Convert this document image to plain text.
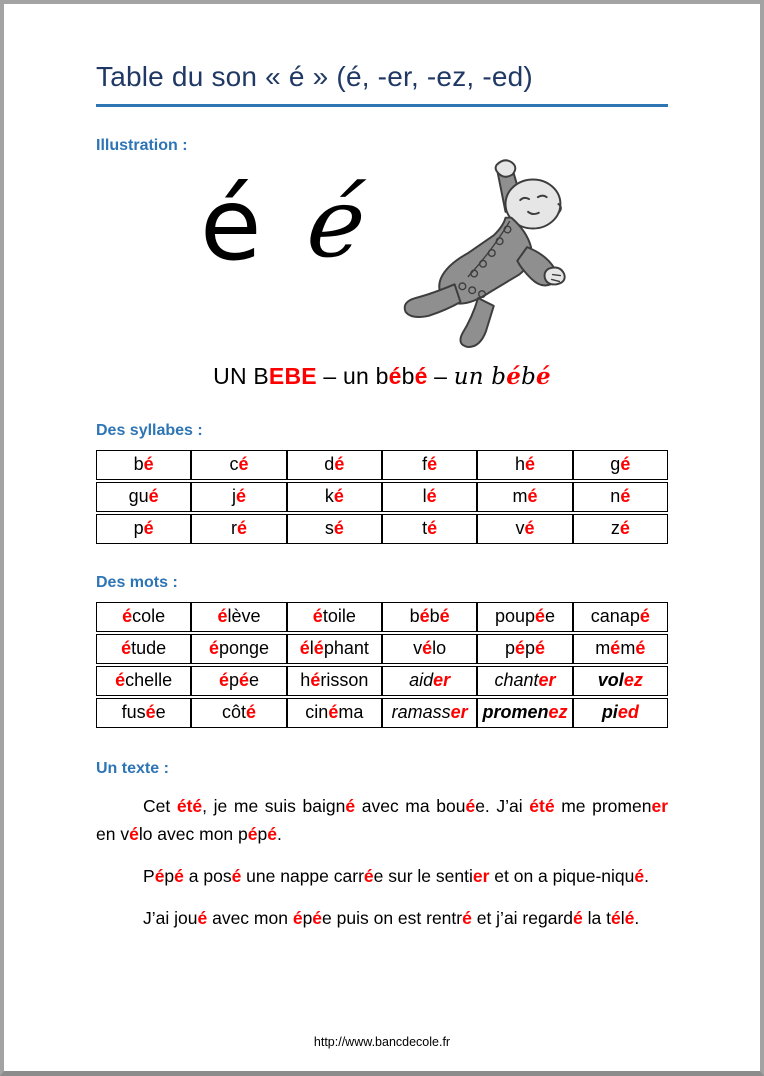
Table du son « é » (é, -er, -ez, -ed)
Illustration :
é é
UN BEBE – un bébé – un bébé
Des syllabes :
bé	cé	dé	fé	hé	gé
gué	jé	ké	lé	mé	né
pé	ré	sé	té	vé	zé
Des mots :
école	élève	étoile	bébé	poupée	canapé
étude	éponge	éléphant	vélo	pépé	mémé
échelle	épée	hérisson	aider	chanter	volez
fusée	côté	cinéma	ramasser	promenez	pied
Un texte :

Cet été, je me suis baigné avec ma bouée. J’ai été me promener en vélo avec mon pépé.

Pépé a posé une nappe carrée sur le sentier et on a pique-niqué.

J’ai joué avec mon épée puis on est rentré et j’ai regardé la télé.

http://www.bancdecole.fr
